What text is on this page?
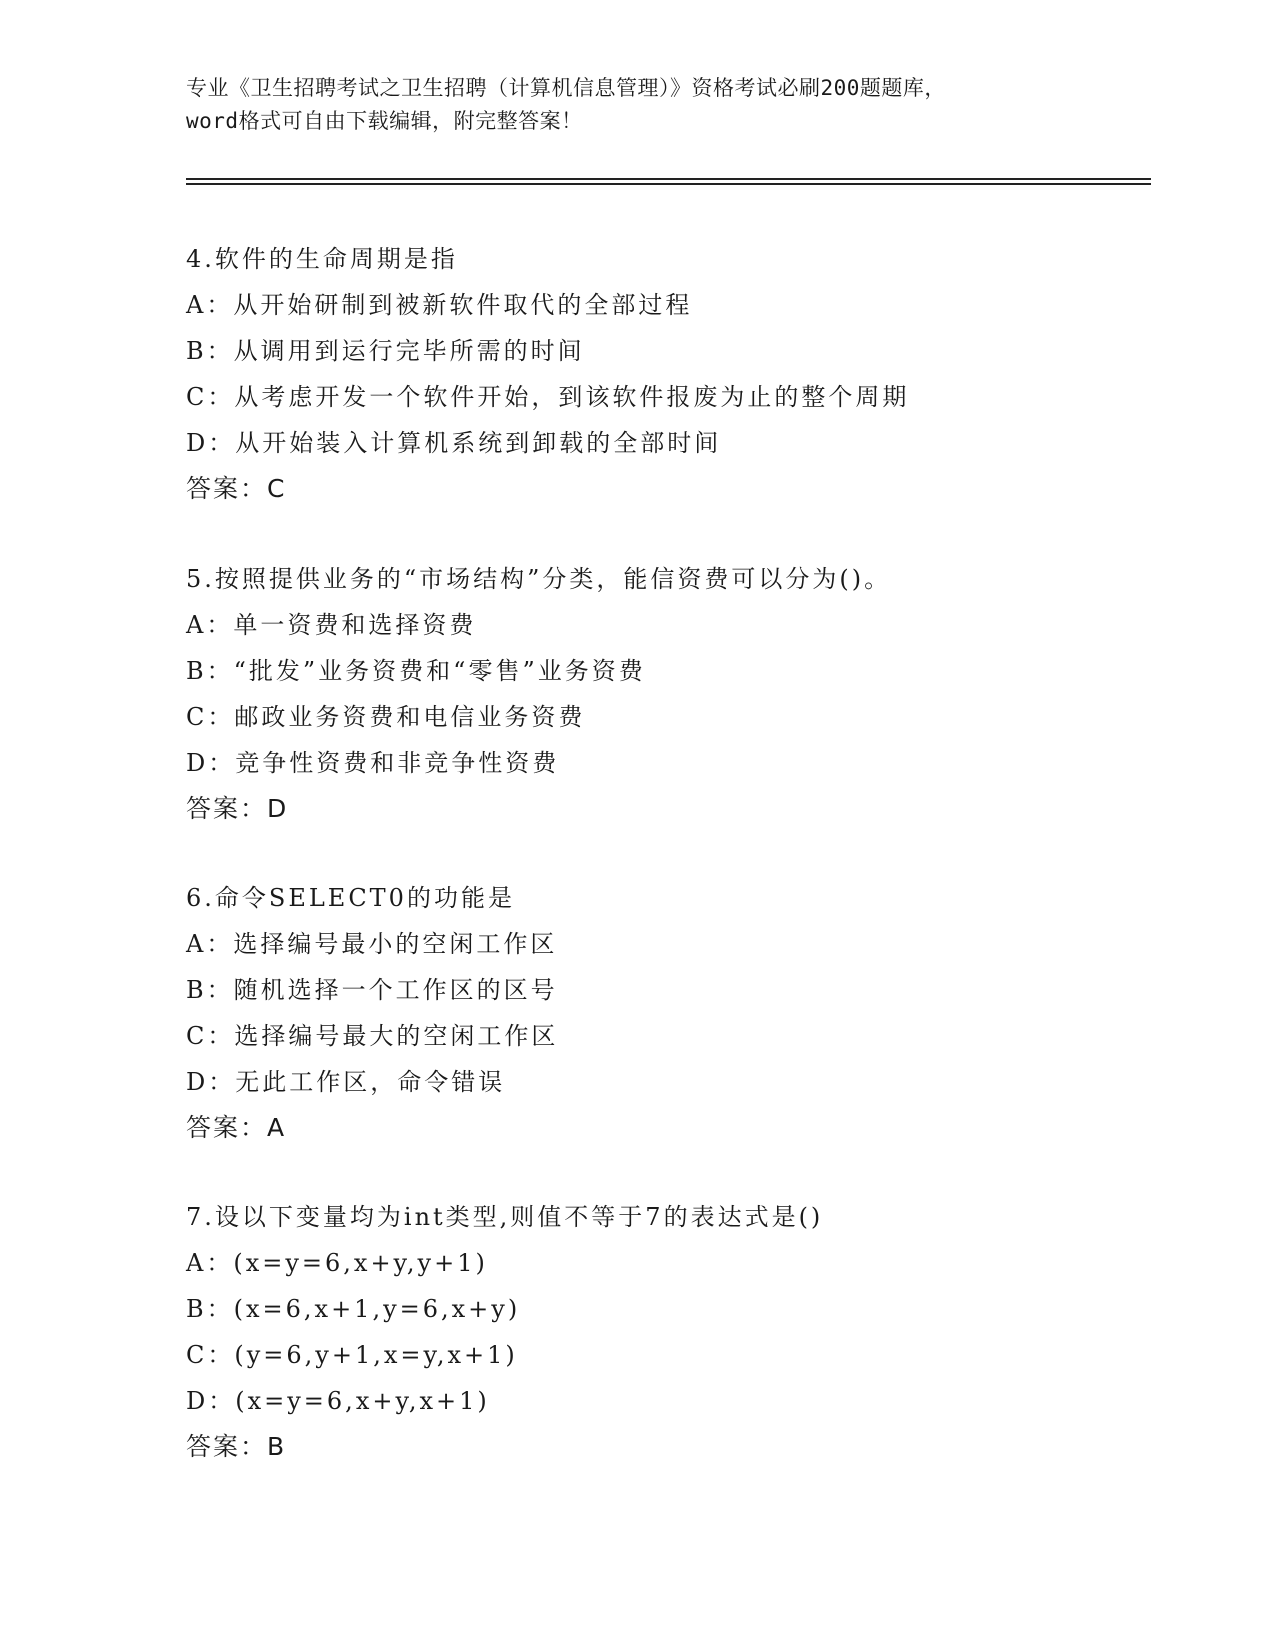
专业《卫生招聘考试之卫生招聘（计算机信息管理）》资格考试必刷200题题库，
word格式可自由下载编辑，附完整答案！
4.软件的生命周期是指
A：从开始研制到被新软件取代的全部过程
B：从调用到运行完毕所需的时间
C：从考虑开发一个软件开始，到该软件报废为止的整个周期
D：从开始装入计算机系统到卸载的全部时间
答案：C
5.按照提供业务的“市场结构”分类，能信资费可以分为()。
A：单一资费和选择资费
B：“批发”业务资费和“零售”业务资费
C：邮政业务资费和电信业务资费
D：竞争性资费和非竞争性资费
答案：D
6.命令SELECT0的功能是
A：选择编号最小的空闲工作区
B：随机选择一个工作区的区号
C：选择编号最大的空闲工作区
D：无此工作区，命令错误
答案：A
7.设以下变量均为int类型,则值不等于7的表达式是()
A：(x=y=6,x+y,y+1)
B：(x=6,x+1,y=6,x+y)
C：(y=6,y+1,x=y,x+1)
D：(x=y=6,x+y,x+1)
答案：B
